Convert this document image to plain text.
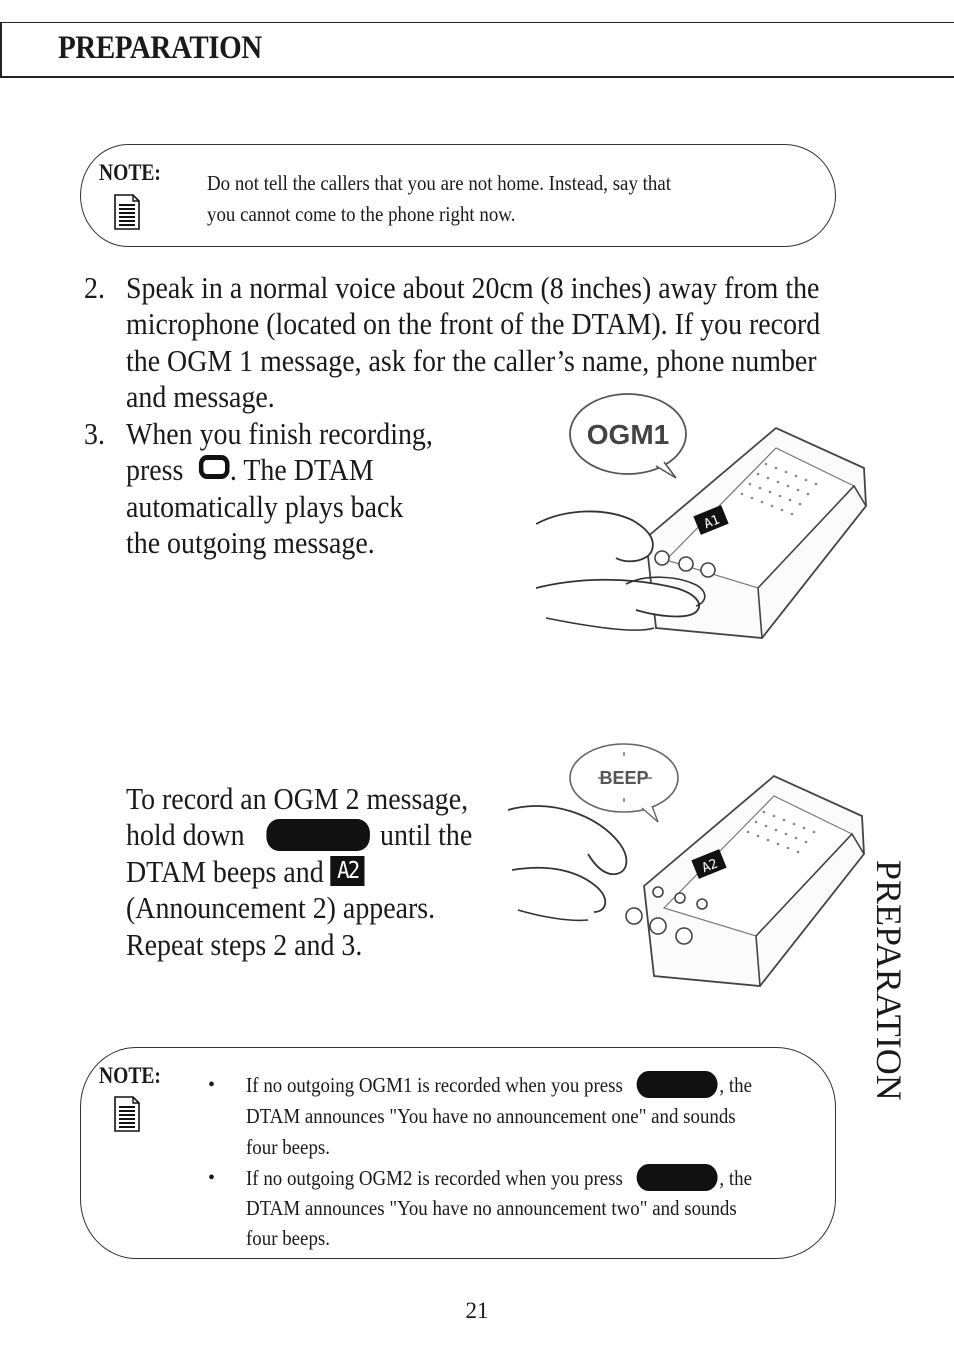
PREPARATION
NOTE: Do not tell the callers that you are not home. Instead, say that
you cannot come to the phone right now.
2. Speak in a normal voice about 20cm (8 inches) away from the
microphone (located on the front of the DTAM). If you record
the OGM 1 message, ask for the caller’s name, phone number
and message.
3. When you finish recording,
press . The DTAM
automatically plays back
the outgoing message.
OGM1
A1
To record an OGM 2 message,
hold down	until the
DTAM beeps and A2
(Announcement 2) appears.
Repeat steps 2 and 3.
BEEP
A2	PREPARATION
NOTE: • If no outgoing OGM1 is recorded when you press	, the
DTAM announces "You have no announcement one" and sounds
four beeps.
• If no outgoing OGM2 is recorded when you press	, the
DTAM announces "You have no announcement two" and sounds
four beeps.
21
